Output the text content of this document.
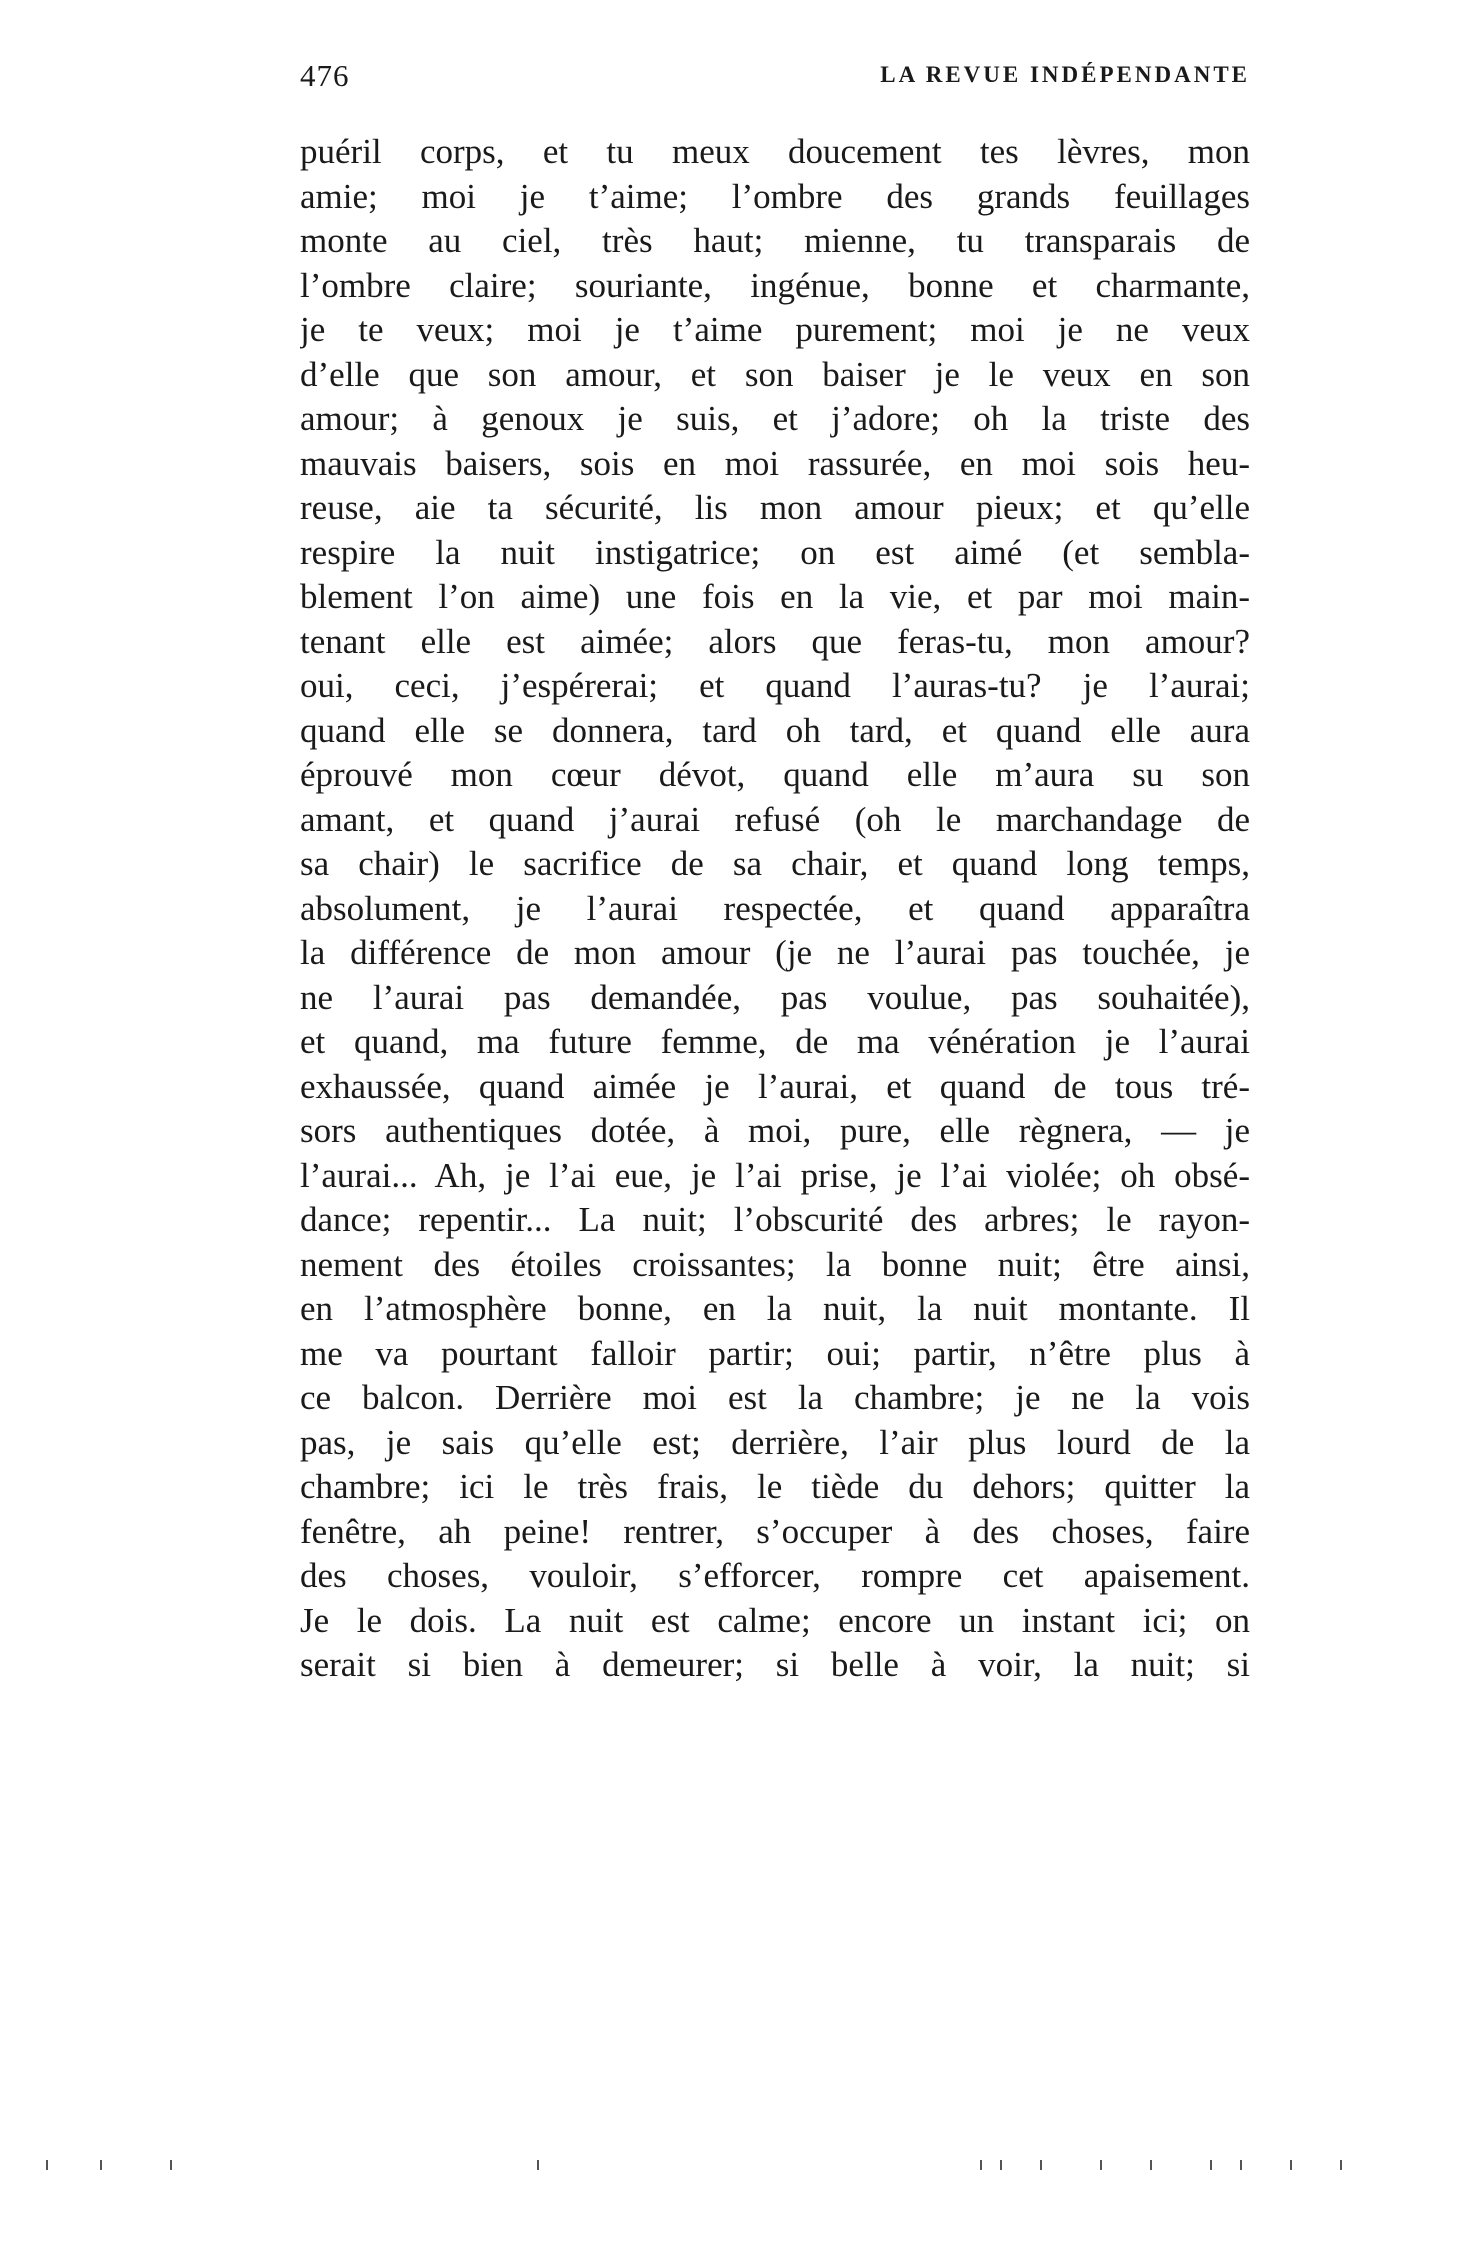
476	LA REVUE INDÉPENDANTE
puéril corps, et tu meux doucement tes lèvres, mon
amie; moi je t’aime; l’ombre des grands feuillages
monte au ciel, très haut; mienne, tu transparais de
l’ombre claire; souriante, ingénue, bonne et charmante,
je te veux; moi je t’aime purement; moi je ne veux
d’elle que son amour, et son baiser je le veux en son
amour; à genoux je suis, et j’adore; oh la triste des
mauvais baisers, sois en moi rassurée, en moi sois heu-
reuse, aie ta sécurité, lis mon amour pieux; et qu’elle
respire la nuit instigatrice; on est aimé (et sembla-
blement l’on aime) une fois en la vie, et par moi main-
tenant elle est aimée; alors que feras-tu, mon amour?
oui, ceci, j’espérerai; et quand l’auras-tu? je l’aurai;
quand elle se donnera, tard oh tard, et quand elle aura
éprouvé mon cœur dévot, quand elle m’aura su son
amant, et quand j’aurai refusé (oh le marchandage de
sa chair) le sacrifice de sa chair, et quand long temps,
absolument, je l’aurai respectée, et quand apparaîtra
la différence de mon amour (je ne l’aurai pas touchée, je
ne l’aurai pas demandée, pas voulue, pas souhaitée),
et quand, ma future femme, de ma vénération je l’aurai
exhaussée, quand aimée je l’aurai, et quand de tous tré-
sors authentiques dotée, à moi, pure, elle règnera, — je
l’aurai... Ah, je l’ai eue, je l’ai prise, je l’ai violée; oh obsé-
dance; repentir... La nuit; l’obscurité des arbres; le rayon-
nement des étoiles croissantes; la bonne nuit; être ainsi,
en l’atmosphère bonne, en la nuit, la nuit montante. Il
me va pourtant falloir partir; oui; partir, n’être plus à
ce balcon. Derrière moi est la chambre; je ne la vois
pas, je sais qu’elle est; derrière, l’air plus lourd de la
chambre; ici le très frais, le tiède du dehors; quitter la
fenêtre, ah peine! rentrer, s’occuper à des choses, faire
des choses, vouloir, s’efforcer, rompre cet apaisement.
Je le dois. La nuit est calme; encore un instant ici; on
serait si bien à demeurer; si belle à voir, la nuit; si
